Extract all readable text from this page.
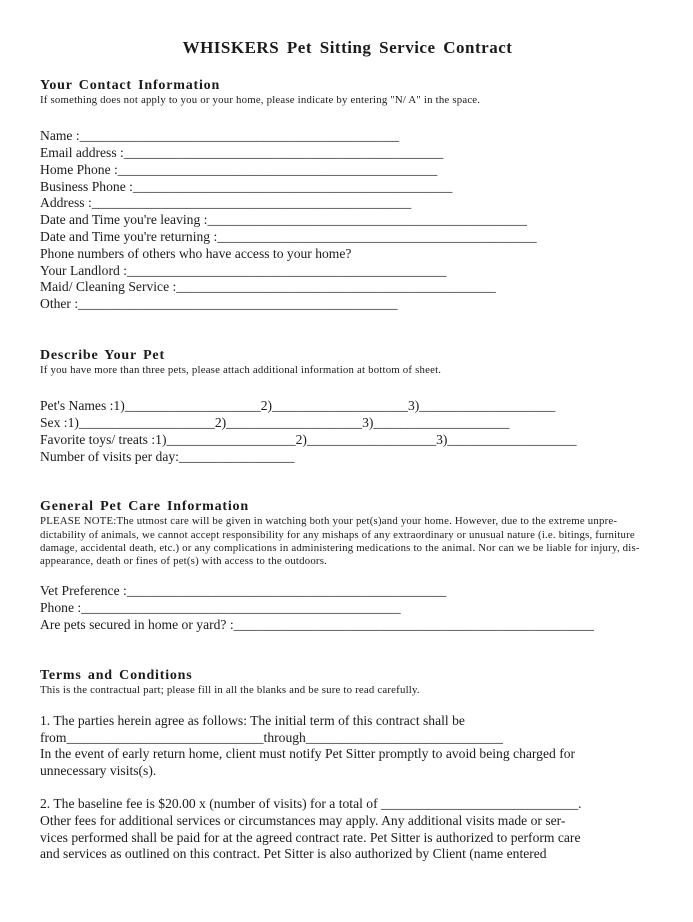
WHISKERS Pet Sitting Service Contract
Your Contact Information

If something does not apply to you or your home, please indicate by entering "N/ A" in the space.

Name :_______________________________________________
Email address :_______________________________________________
Home Phone :_______________________________________________
Business Phone :_______________________________________________
Address :_______________________________________________
Date and Time you're leaving :_______________________________________________
Date and Time you're returning :_______________________________________________
Phone numbers of others who have access to your home?
Your Landlord :_______________________________________________
Maid/ Cleaning Service :_______________________________________________
Other :_______________________________________________
Describe Your Pet

If you have more than three pets, please attach additional information at bottom of sheet.

Pet's Names :1)____________________2)____________________3)____________________
Sex :1)____________________2)____________________3)____________________
Favorite toys/ treats :1)___________________2)___________________3)___________________
Number of visits per day:_________________
General Pet Care Information

PLEASE NOTE:The utmost care will be given in watching both your pet(s)and your home. However, due to the extreme unpre-

dictability of animals, we cannot accept responsibility for any mishaps of any extraordinary or unusual nature (i.e. bitings, furniture

damage, accidental death, etc.) or any complications in administering medications to the animal. Nor can we be liable for injury, dis-

appearance, death or fines of pet(s) with access to the outdoors.

Vet Preference :_______________________________________________
Phone :_______________________________________________
Are pets secured in home or yard? :_____________________________________________________
Terms and Conditions

This is the contractual part; please fill in all the blanks and be sure to read carefully.

1. The parties herein agree as follows: The initial term of this contract shall be
from_____________________________through_____________________________
In the event of early return home, client must notify Pet Sitter promptly to avoid being charged for
unnecessary visits(s).
2. The baseline fee is $20.00 x (number of visits) for a total of _____________________________.
Other fees for additional services or circumstances may apply. Any additional visits made or ser-
vices performed shall be paid for at the agreed contract rate. Pet Sitter is authorized to perform care
and services as outlined on this contract. Pet Sitter is also authorized by Client (name entered
